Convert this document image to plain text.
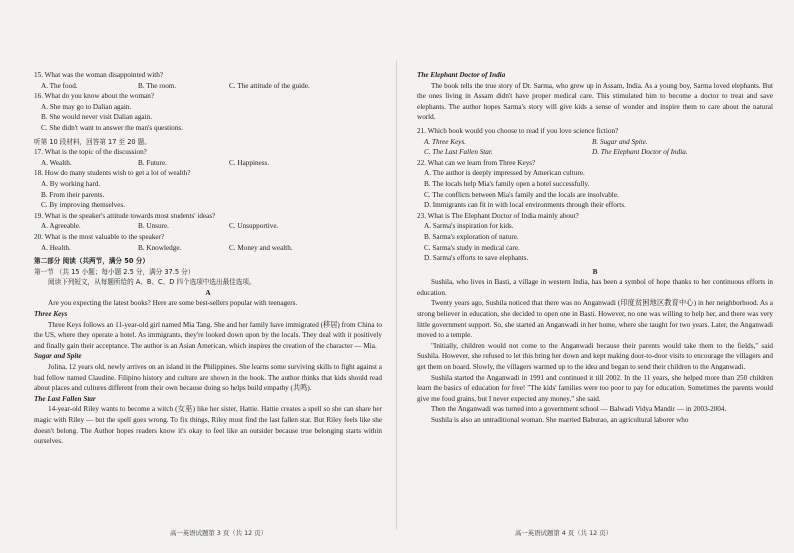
15. What was the woman disappointed with?

A. The food.	B. The room.	C. The attitude of the guide.

16. What do you know about the woman?

A. She may go to Dalian again.
B. She would never visit Dalian again.
C. She didn't want to answer the man's questions.

听第 10 段材料，回答第 17 至 20 题。

17. What is the topic of the discussion?

A. Wealth.	B. Future.	C. Happiness.

18. How do many students wish to get a lot of wealth?

A. By working hard.
B. From their parents.
C. By improving themselves.

19. What is the speaker's attitude towards most students' ideas?

A. Agreeable.	B. Unsure.	C. Unsupportive.

20. What is the most valuable to the speaker?

A. Health.	B. Knowledge.	C. Money and wealth.

第二部分 阅读（共两节，满分 50 分）

第一节 （共 15 小题；每小题 2.5 分，满分 37.5 分）

阅读下列短文，从每题所给的 A、B、C、D 四个选项中选出最佳选项。

A

Are you expecting the latest books? Here are some best-sellers popular with teenagers.

Three Keys

Three Keys follows an 11-year-old girl named Mia Tang. She and her family have immigrated (移居) from China to the US, where they operate a hotel. As immigrants, they're looked down upon by the locals. They deal with it positively and finally gain their acceptance. The author is an Asian American, which inspires the creation of the character — Mia.

Sugar and Spite

Jolina, 12 years old, newly arrives on an island in the Philippines. She learns some surviving skills to fight against a bad fellow named Claudine. Filipino history and culture are shown in the book. The author thinks that kids should read about places and cultures different from their own because doing so helps build empathy (共鸣).

The Last Fallen Star

14-year-old Riley wants to become a witch (女巫) like her sister, Hattie. Hattie creates a spell so she can share her magic with Riley — but the spell goes wrong. To fix things, Riley must find the last fallen star. But Riley feels like she doesn't belong. The Author hopes readers know it's okay to feel like an outsider because true belonging starts within ourselves.

高一英语试题第 3 页（共 12 页）

The Elephant Doctor of India

The book tells the true story of Dr. Sarma, who grew up in Assam, India. As a young boy, Sarma loved elephants. But the ones living in Assam didn't have proper medical care. This stimulated him to become a doctor to treat and save elephants. The author hopes Sarma's story will give kids a sense of wonder and inspire them to care about the natural world.

21. Which book would you choose to read if you love science fiction?

A. Three Keys.	B. Sugar and Spite.
C. The Last Fallen Star.	D. The Elephant Doctor of India.

22. What can we learn from Three Keys?

A. The author is deeply impressed by American culture.
B. The locals help Mia's family open a hotel successfully.
C. The conflicts between Mia's family and the locals are insolvable.
D. Immigrants can fit in with local environments through their efforts.

23. What is The Elephant Doctor of India mainly about?

A. Sarma's inspiration for kids.
B. Sarma's exploration of nature.
C. Sarma's study in medical care.
D. Sarma's efforts to save elephants.

B

Sushila, who lives in Basti, a village in western India, has been a symbol of hope thanks to her continuous efforts in education.

Twenty years ago, Sushila noticed that there was no Anganwadi (印度贫困地区教育中心) in her neighborhood. As a strong believer in education, she decided to open one in Basti. However, no one was willing to help her, and there was very little government support. So, she started an Anganwadi in her home, where she taught for two years. Later, the Anganwadi moved to a temple.

"Initially, children would not come to the Anganwadi because their parents would take them to the fields," said Sushila. However, she refused to let this bring her down and kept making door-to-door visits to encourage the villagers and get them on board. Slowly, the villagers warmed up to the idea and began to send their children to the Anganwadi.

Sushila started the Anganwadi in 1991 and continued it till 2002. In the 11 years, she helped more than 250 children learn the basics of education for free! "The kids' families were too poor to pay for education. Sometimes the parents would give me food grains, but I never expected any money," she said.

Then the Anganwadi was turned into a government school — Balwadi Vidya Mandir — in 2003-2004.

Sushila is also an untraditional woman. She married Baburao, an agricultural laborer who

高一英语试题第 4 页（共 12 页）
